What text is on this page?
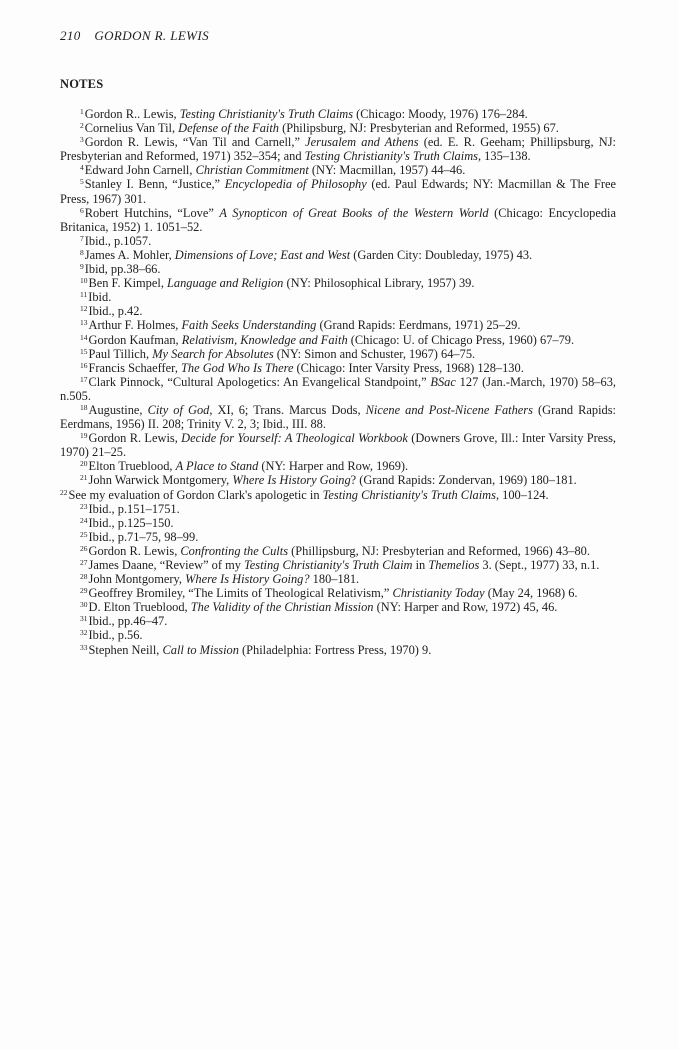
210 GORDON R. LEWIS
NOTES
$^1$Gordon R.. Lewis, Testing Christianity's Truth Claims (Chicago: Moody, 1976) 176–284.
$^2$Cornelius Van Til, Defense of the Faith (Philipsburg, NJ: Presbyterian and Reformed, 1955) 67.
$^3$Gordon R. Lewis, “Van Til and Carnell,” Jerusalem and Athens (ed. E. R. Geeham; Phillipsburg, NJ: Presbyterian and Reformed, 1971) 352–354; and Testing Christianity's Truth Claims, 135–138.
$^4$Edward John Carnell, Christian Commitment (NY: Macmillan, 1957) 44–46.
$^5$Stanley I. Benn, “Justice,” Encyclopedia of Philosophy (ed. Paul Edwards; NY: Macmillan & The Free Press, 1967) 301.
$^6$Robert Hutchins, “Love” A Synopticon of Great Books of the Western World (Chicago: Encyclopedia Britanica, 1952) 1. 1051–52.
$^7$Ibid., p.1057.
$^8$James A. Mohler, Dimensions of Love; East and West (Garden City: Doubleday, 1975) 43.
$^9$Ibid, pp.38–66.
$^{10}$Ben F. Kimpel, Language and Religion (NY: Philosophical Library, 1957) 39.
$^{11}$Ibid.
$^{12}$Ibid., p.42.
$^{13}$Arthur F. Holmes, Faith Seeks Understanding (Grand Rapids: Eerdmans, 1971) 25–29.
$^{14}$Gordon Kaufman, Relativism, Knowledge and Faith (Chicago: U. of Chicago Press, 1960) 67–79.
$^{15}$Paul Tillich, My Search for Absolutes (NY: Simon and Schuster, 1967) 64–75.
$^{16}$Francis Schaeffer, The God Who Is There (Chicago: Inter Varsity Press, 1968) 128–130.
$^{17}$Clark Pinnock, “Cultural Apologetics: An Evangelical Standpoint,” BSac 127 (Jan.-March, 1970) 58–63, n.505.
$^{18}$Augustine, City of God, XI, 6; Trans. Marcus Dods, Nicene and Post-Nicene Fathers (Grand Rapids: Eerdmans, 1956) II. 208; Trinity V. 2, 3; Ibid., III. 88.
$^{19}$Gordon R. Lewis, Decide for Yourself: A Theological Workbook (Downers Grove, Ill.: Inter Varsity Press, 1970) 21–25.
$^{20}$Elton Trueblood, A Place to Stand (NY: Harper and Row, 1969).
$^{21}$John Warwick Montgomery, Where Is History Going? (Grand Rapids: Zondervan, 1969) 180–181.
$^{22}$See my evaluation of Gordon Clark's apologetic in Testing Christianity's Truth Claims, 100–124.
$^{23}$Ibid., p.151–1751.
$^{24}$Ibid., p.125–150.
$^{25}$Ibid., p.71–75, 98–99.
$^{26}$Gordon R. Lewis, Confronting the Cults (Phillipsburg, NJ: Presbyterian and Reformed, 1966) 43–80.
$^{27}$James Daane, “Review” of my Testing Christianity's Truth Claim in Themelios 3. (Sept., 1977) 33, n.1.
$^{28}$John Montgomery, Where Is History Going? 180–181.
$^{29}$Geoffrey Bromiley, “The Limits of Theological Relativism,” Christianity Today (May 24, 1968) 6.
$^{30}$D. Elton Trueblood, The Validity of the Christian Mission (NY: Harper and Row, 1972) 45, 46.
$^{31}$Ibid., pp.46–47.
$^{32}$Ibid., p.56.
$^{33}$Stephen Neill, Call to Mission (Philadelphia: Fortress Press, 1970) 9.
